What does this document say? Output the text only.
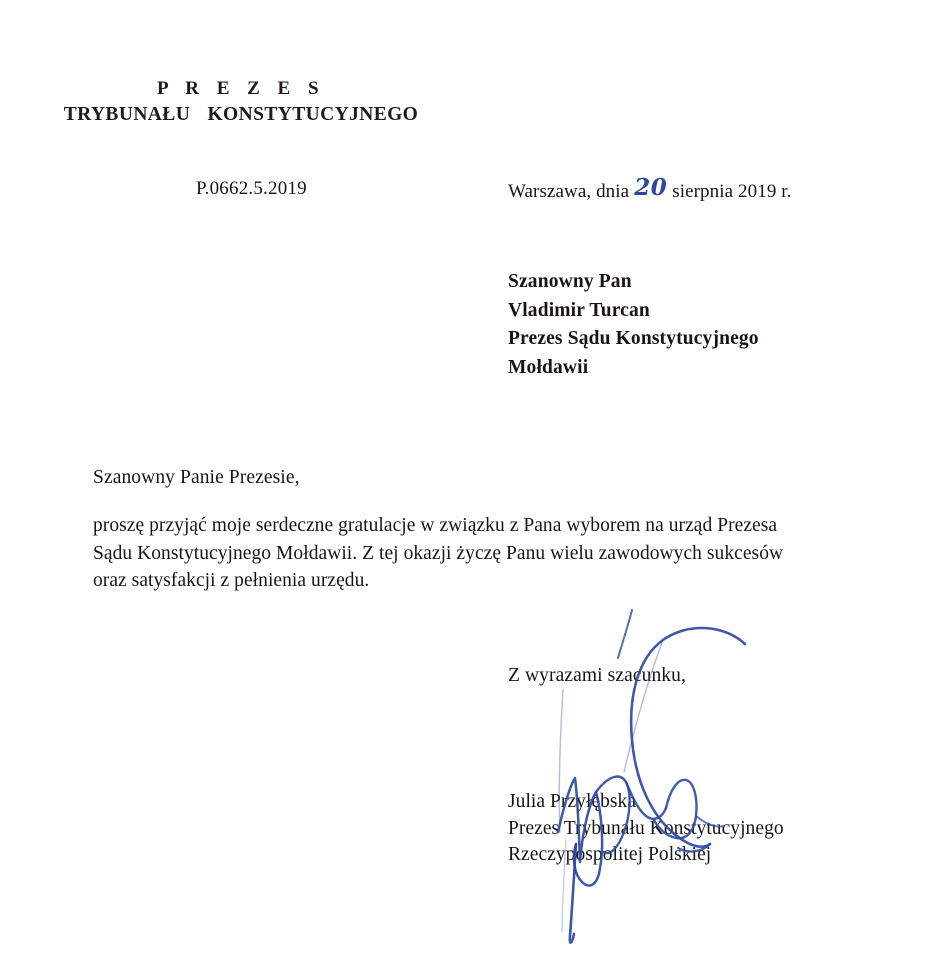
P R E Z E S
TRYBUNAŁU KONSTYTUCYJNEGO
P.0662.5.2019	Warszawa, dnia 20 sierpnia 2019 r.
Szanowny Pan
Vladimir Turcan
Prezes Sądu Konstytucyjnego
Mołdawii
Szanowny Panie Prezesie,
proszę przyjąć moje serdeczne gratulacje w związku z Pana wyborem na urząd Prezesa
Sądu Konstytucyjnego Mołdawii. Z tej okazji życzę Panu wielu zawodowych sukcesów
oraz satysfakcji z pełnienia urzędu.
Z wyrazami szacunku,
Julia Przyłębska
Prezes Trybunału Konstytucyjnego
Rzeczypospolitej Polskiej
